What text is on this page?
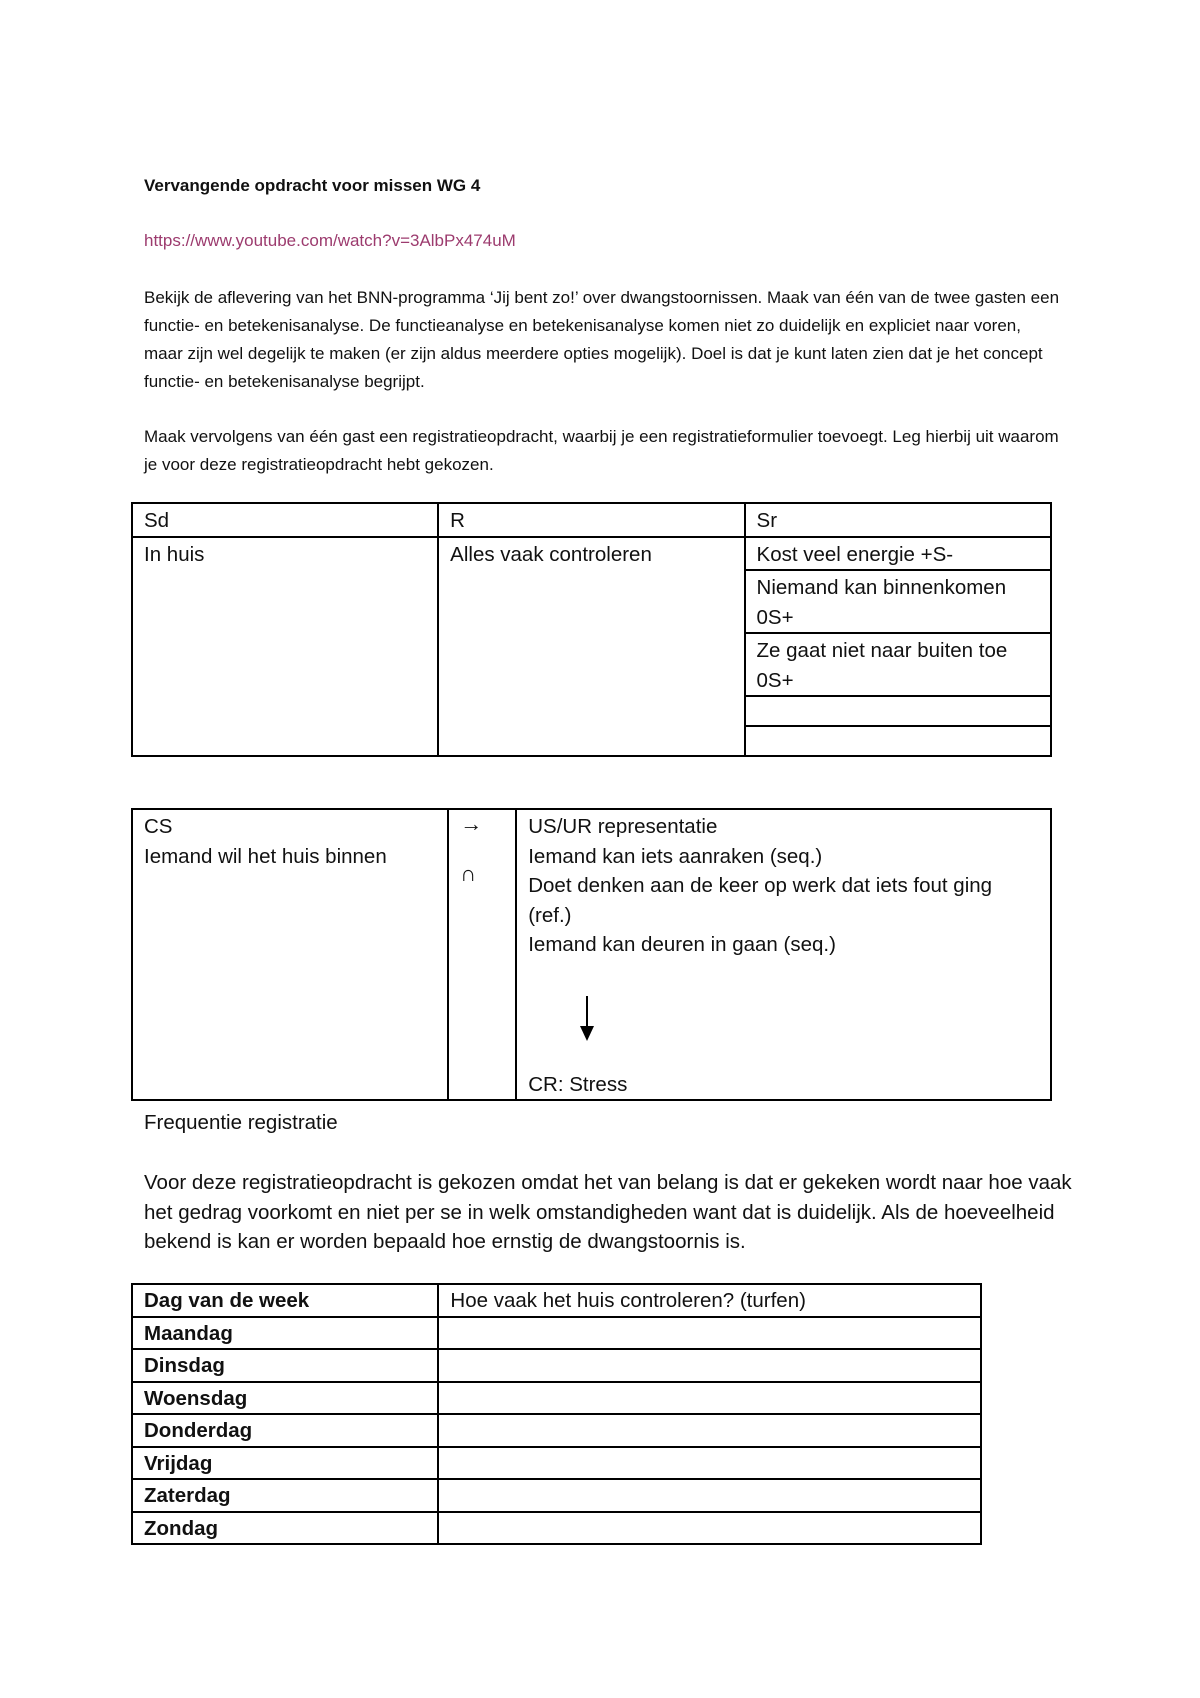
Vervangende opdracht voor missen WG 4
https://www.youtube.com/watch?v=3AlbPx474uM

Bekijk de aflevering van het BNN-programma ‘Jij bent zo!’ over dwangstoornissen. Maak van één van de twee gasten een functie- en betekenisanalyse. De functieanalyse en betekenisanalyse komen niet zo duidelijk en expliciet naar voren, maar zijn wel degelijk te maken (er zijn aldus meerdere opties mogelijk). Doel is dat je kunt laten zien dat je het concept functie- en betekenisanalyse begrijpt.

Maak vervolgens van één gast een registratieopdracht, waarbij je een registratieformulier toevoegt. Leg hierbij uit waarom je voor deze registratieopdracht hebt gekozen.

Sd	R	Sr
In huis	Alles vaak controleren	Kost veel energie +S-
		Niemand kan binnenkomen 0S+
		Ze gaat niet naar buiten toe 0S+

CS
Iemand wil het huis binnen

→
∩

US/UR representatie
Iemand kan iets aanraken (seq.)
Doet denken aan de keer op werk dat iets fout ging (ref.)
Iemand kan deuren in gaan (seq.)
CR: Stress
Frequentie registratie

Voor deze registratieopdracht is gekozen omdat het van belang is dat er gekeken wordt naar hoe vaak het gedrag voorkomt en niet per se in welk omstandigheden want dat is duidelijk. Als de hoeveelheid bekend is kan er worden bepaald hoe ernstig de dwangstoornis is.

Dag van de week	Hoe vaak het huis controleren? (turfen)
Maandag	
Dinsdag	
Woensdag	
Donderdag	
Vrijdag	
Zaterdag	
Zondag	
